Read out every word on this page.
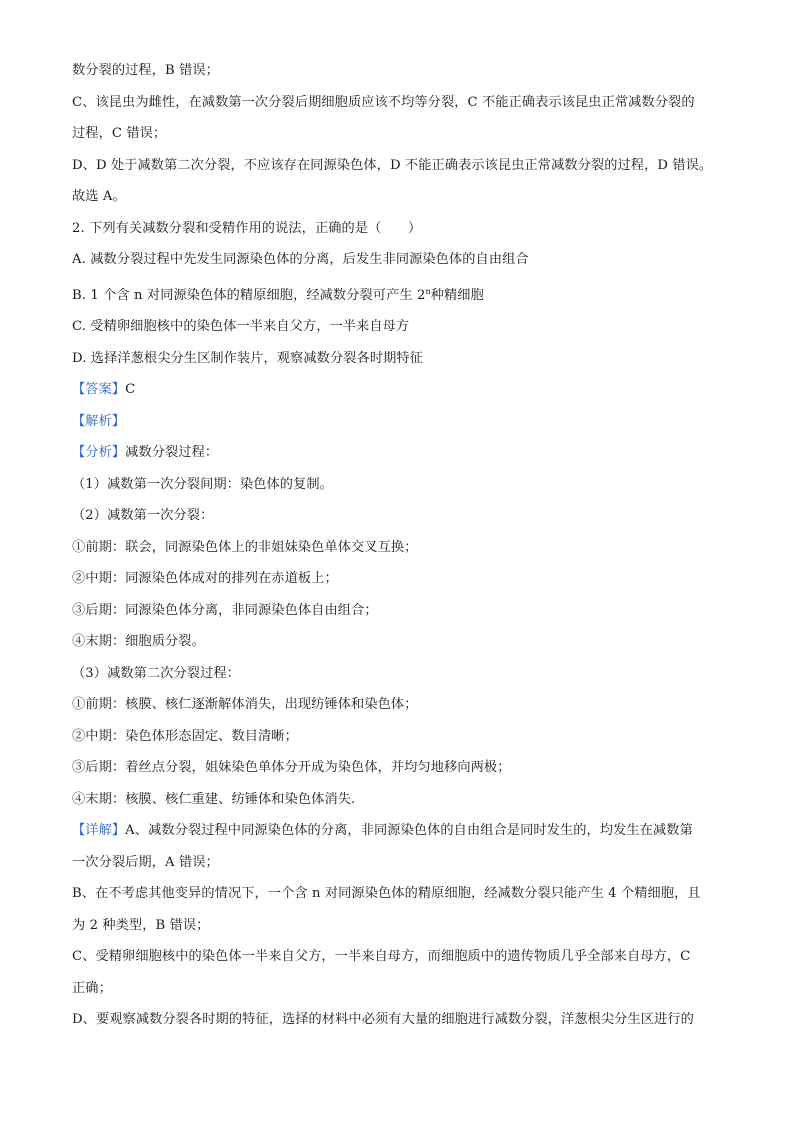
数分裂的过程，B 错误；

C、该昆虫为雌性，在减数第一次分裂后期细胞质应该不均等分裂，C 不能正确表示该昆虫正常减数分裂的

过程，C 错误；

D、D 处于减数第二次分裂，不应该存在同源染色体，D 不能正确表示该昆虫正常减数分裂的过程，D 错误。

故选 A。

2. 下列有关减数分裂和受精作用的说法，正确的是（　　）

A. 减数分裂过程中先发生同源染色体的分离，后发生非同源染色体的自由组合

B. 1 个含 n 对同源染色体的精原细胞，经减数分裂可产生 2$^n$种精细胞

C. 受精卵细胞核中的染色体一半来自父方，一半来自母方

D. 选择洋葱根尖分生区制作装片，观察减数分裂各时期特征

【答案】C

【解析】

【分析】减数分裂过程：

（1）减数第一次分裂间期：染色体的复制。

（2）减数第一次分裂：

①前期：联会，同源染色体上的非姐妹染色单体交叉互换；

②中期：同源染色体成对的排列在赤道板上；

③后期：同源染色体分离，非同源染色体自由组合；

④末期：细胞质分裂。

（3）减数第二次分裂过程：

①前期：核膜、核仁逐渐解体消失，出现纺锤体和染色体；

②中期：染色体形态固定、数目清晰；

③后期：着丝点分裂，姐妹染色单体分开成为染色体，并均匀地移向两极；

④末期：核膜、核仁重建、纺锤体和染色体消失.

【详解】A、减数分裂过程中同源染色体的分离，非同源染色体的自由组合是同时发生的，均发生在减数第

一次分裂后期，A 错误；

B、在不考虑其他变异的情况下，一个含 n 对同源染色体的精原细胞，经减数分裂只能产生 4 个精细胞，且

为 2 种类型，B 错误；

C、受精卵细胞核中的染色体一半来自父方，一半来自母方，而细胞质中的遗传物质几乎全部来自母方，C

正确；

D、要观察减数分裂各时期的特征，选择的材料中必须有大量的细胞进行减数分裂，洋葱根尖分生区进行的
